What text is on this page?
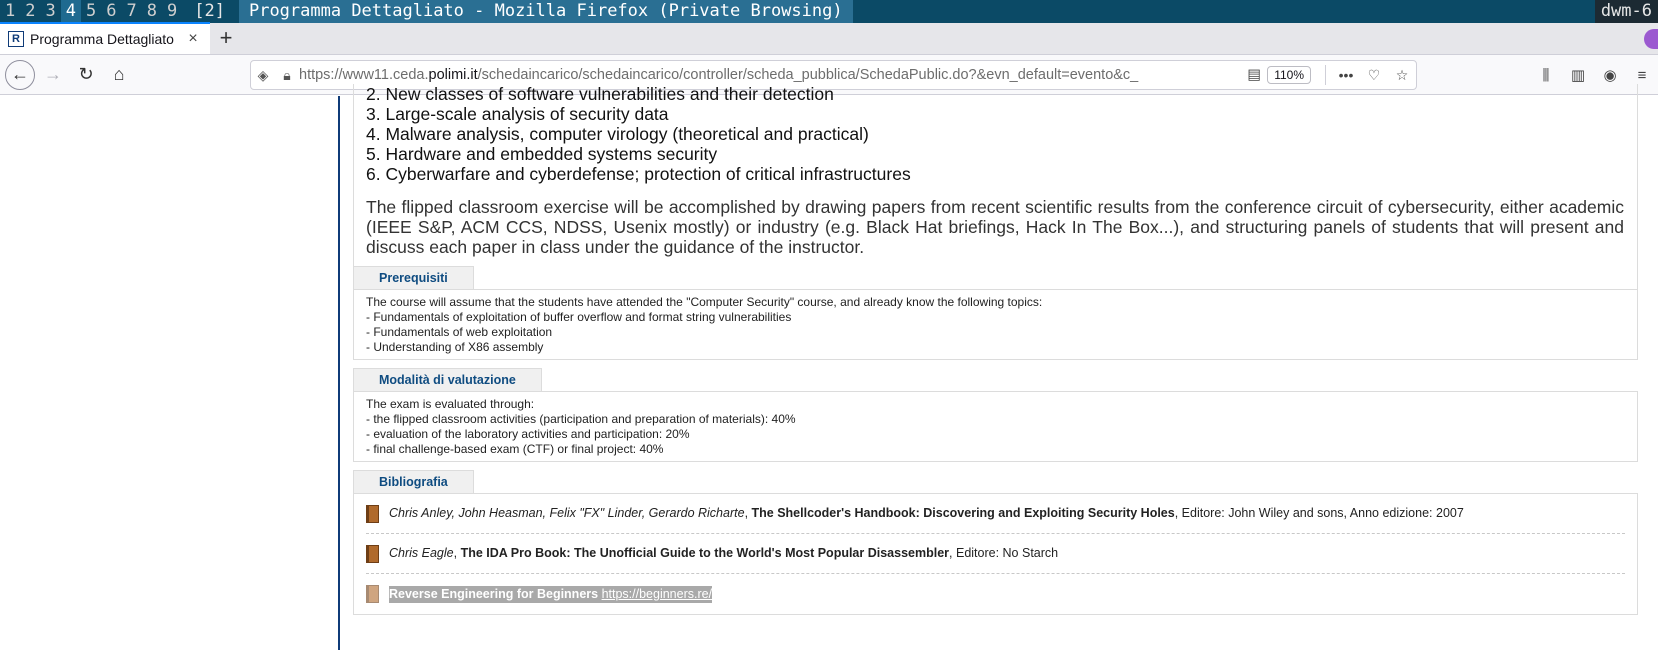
1 2 3 4 5 6 7 8 9	[2]	Programma Dettagliato - Mozilla Firefox (Private Browsing)	dwm-6
R Programma Dettagliato × +
← → ↻ ⌂	◈	🔒︎ https://www11.ceda.polimi.it/schedaincarico/schedaincarico/controller/scheda_pubblica/SchedaPublic.do?&evn_default=evento&c_	▤	110%	•••	♡	☆	⫼	▥	◉	≡
2. New classes of software vulnerabilities and their detection
3. Large-scale analysis of security data
4. Malware analysis, computer virology (theoretical and practical)
5. Hardware and embedded systems security
6. Cyberwarfare and cyberdefense; protection of critical infrastructures

The flipped classroom exercise will be accomplished by drawing papers from recent scientific results from the conference circuit of cybersecurity, either academic (IEEE S&P, ACM CCS, NDSS, Usenix mostly) or industry (e.g. Black Hat briefings, Hack In The Box...), and structuring panels of students that will present and discuss each paper in class under the guidance of the instructor.

Prerequisiti
The course will assume that the students have attended the "Computer Security" course, and already know the following topics:
- Fundamentals of exploitation of buffer overflow and format string vulnerabilities
- Fundamentals of web exploitation
- Understanding of X86 assembly
Modalità di valutazione
The exam is evaluated through:
- the flipped classroom activities (participation and preparation of materials): 40%
- evaluation of the laboratory activities and participation: 20%
- final challenge-based exam (CTF) or final project: 40%
Bibliografia
Chris Anley, John Heasman, Felix "FX" Linder, Gerardo Richarte, The Shellcoder's Handbook: Discovering and Exploiting Security Holes, Editore: John Wiley and sons, Anno edizione: 2007
Chris Eagle, The IDA Pro Book: The Unofficial Guide to the World's Most Popular Disassembler, Editore: No Starch
Reverse Engineering for Beginners https://beginners.re/
